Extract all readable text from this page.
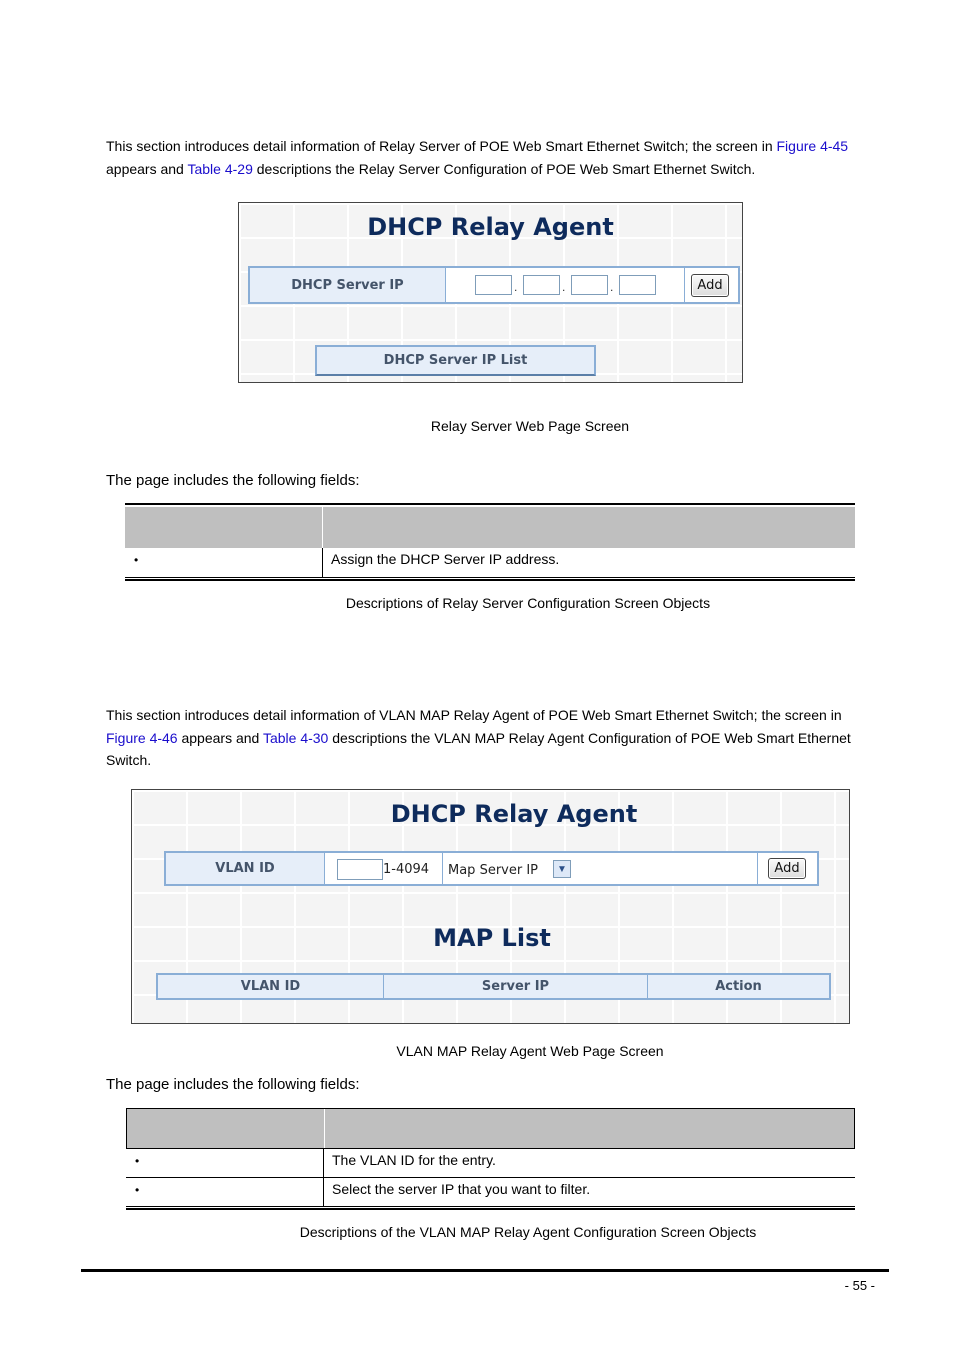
This section introduces detail information of Relay Server of POE Web Smart Ethernet Switch; the screen in Figure 4-45
appears and Table 4-29 descriptions the Relay Server Configuration of POE Web Smart Ethernet Switch.
DHCP Relay Agent
DHCP Server IP	.	.	.	Add
DHCP Server IP List
Relay Server Web Page Screen
The page includes the following fields:
•	Assign the DHCP Server IP address.
Descriptions of Relay Server Configuration Screen Objects
This section introduces detail information of VLAN MAP Relay Agent of POE Web Smart Ethernet Switch; the screen in
Figure 4-46 appears and Table 4-30 descriptions the VLAN MAP Relay Agent Configuration of POE Web Smart Ethernet Switch.
DHCP Relay Agent
VLAN ID	1-4094 Map Server IP ▼	Add
MAP List
VLAN ID	Server IP	Action
VLAN MAP Relay Agent Web Page Screen
The page includes the following fields:
•	The VLAN ID for the entry.
•	Select the server IP that you want to filter.
Descriptions of the VLAN MAP Relay Agent Configuration Screen Objects
- 55 -
